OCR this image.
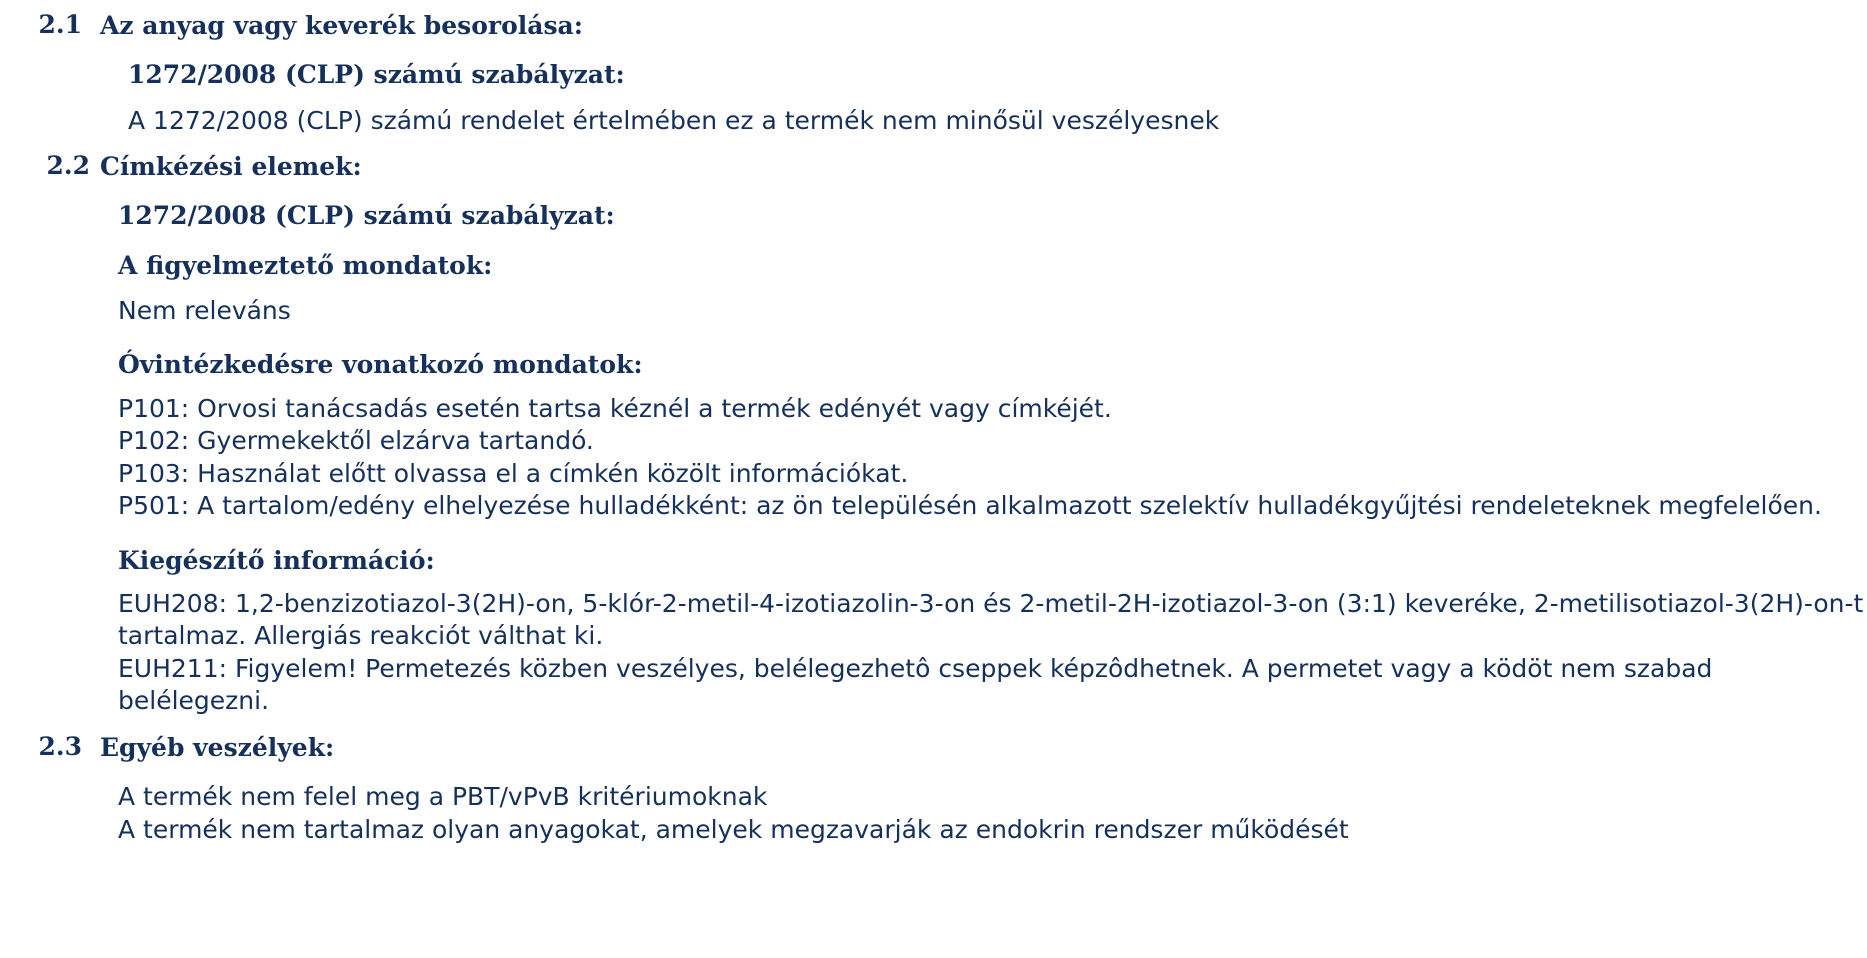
2.1 Az anyag vagy keverék besorolása:
1272/2008 (CLP) számú szabályzat:
A 1272/2008 (CLP) számú rendelet értelmében ez a termék nem minősül veszélyesnek
2.2 Címkézési elemek:
1272/2008 (CLP) számú szabályzat:
A figyelmeztető mondatok:

Nem releváns

Óvintézkedésre vonatkozó mondatok:

P101: Orvosi tanácsadás esetén tartsa kéznél a termék edényét vagy címkéjét.

P102: Gyermekektől elzárva tartandó.

P103: Használat előtt olvassa el a címkén közölt információkat.

P501: A tartalom/edény elhelyezése hulladékként: az ön településén alkalmazott szelektív hulladékgyűjtési rendeleteknek megfelelően.

Kiegészítő információ:

EUH208: 1,2-benzizotiazol-3(2H)-on, 5-klór-2-metil-4-izotiazolin-3-on és 2-metil-2H-izotiazol-3-on (3:1) keveréke, 2-metilisotiazol-3(2H)-on-t tartalmaz. Allergiás reakciót válthat ki.

EUH211: Figyelem! Permetezés közben veszélyes, belélegezhetô cseppek képzôdhetnek. A permetet vagy a ködöt nem szabad belélegezni.

2.3 Egyéb veszélyek:

A termék nem felel meg a PBT/vPvB kritériumoknak

A termék nem tartalmaz olyan anyagokat, amelyek megzavarják az endokrin rendszer működését
